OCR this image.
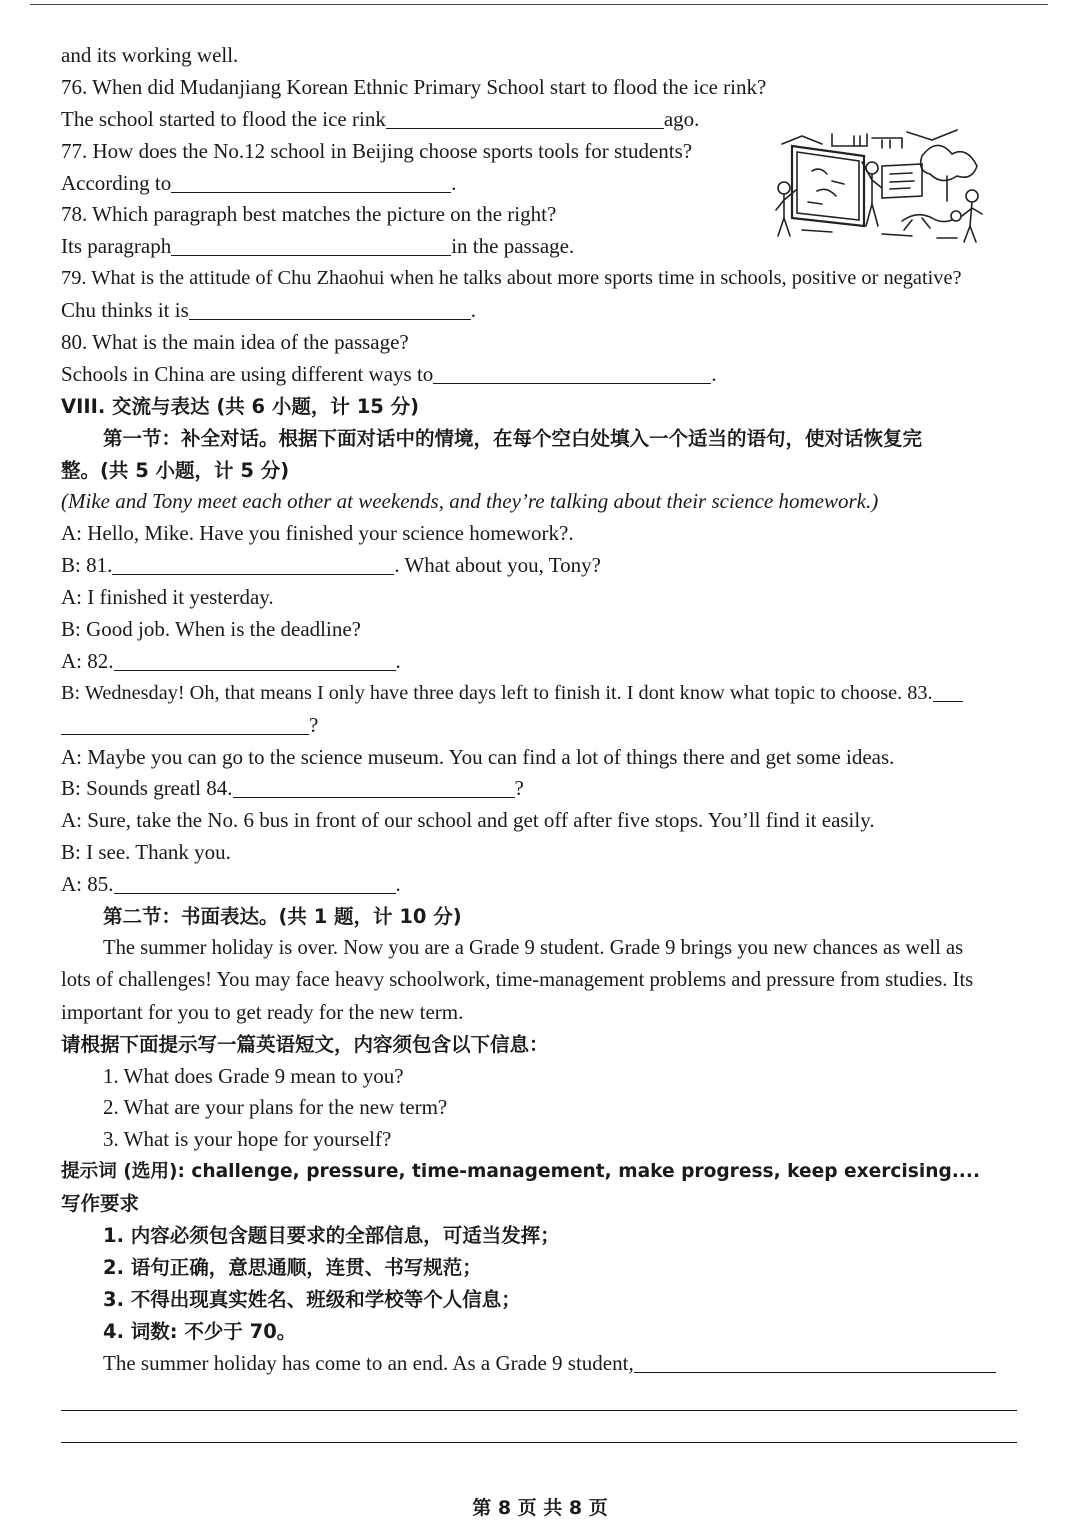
and its working well.
76. When did Mudanjiang Korean Ethnic Primary School start to flood the ice rink?
The school started to flood the ice rink	ago.
77. How does the No.12 school in Beijing choose sports tools for students?
According to	.
78. Which paragraph best matches the picture on the right?
Its paragraph	in the passage.
79. What is the attitude of Chu Zhaohui when he talks about more sports time in schools, positive or negative?
Chu thinks it is	.
80. What is the main idea of the passage?
Schools in China are using different ways to	.
VIII. 交流与表达 (共 6 小题，计 15 分)
第一节：补全对话。根据下面对话中的情境，在每个空白处填入一个适当的语句，使对话恢复完
整。(共 5 小题，计 5 分)
(Mike and Tony meet each other at weekends, and they’re talking about their science homework.)
A: Hello, Mike. Have you finished your science homework?.
B: 81.	. What about you, Tony?
A: I finished it yesterday.
B: Good job. When is the deadline?
A: 82.	.
B: Wednesday! Oh, that means I only have three days left to finish it. I dont know what topic to choose. 83.
?
A: Maybe you can go to the science museum. You can find a lot of things there and get some ideas.
B: Sounds greatl 84.	?
A: Sure, take the No. 6 bus in front of our school and get off after five stops. You’ll find it easily.
B: I see. Thank you.
A: 85.	.
第二节：书面表达。(共 1 题，计 10 分)
The summer holiday is over. Now you are a Grade 9 student. Grade 9 brings you new chances as well as
lots of challenges! You may face heavy schoolwork, time-management problems and pressure from studies. Its
important for you to get ready for the new term.
请根据下面提示写一篇英语短文，内容须包含以下信息：
1. What does Grade 9 mean to you?
2. What are your plans for the new term?
3. What is your hope for yourself?
提示词 (选用): challenge, pressure, time-management, make progress, keep exercising....
写作要求
1. 内容必须包含题目要求的全部信息，可适当发挥；
2. 语句正确，意思通顺，连贯、书写规范；
3. 不得出现真实姓名、班级和学校等个人信息；
4. 词数: 不少于 70。
The summer holiday has come to an end. As a Grade 9 student,
第 8 页 共 8 页
